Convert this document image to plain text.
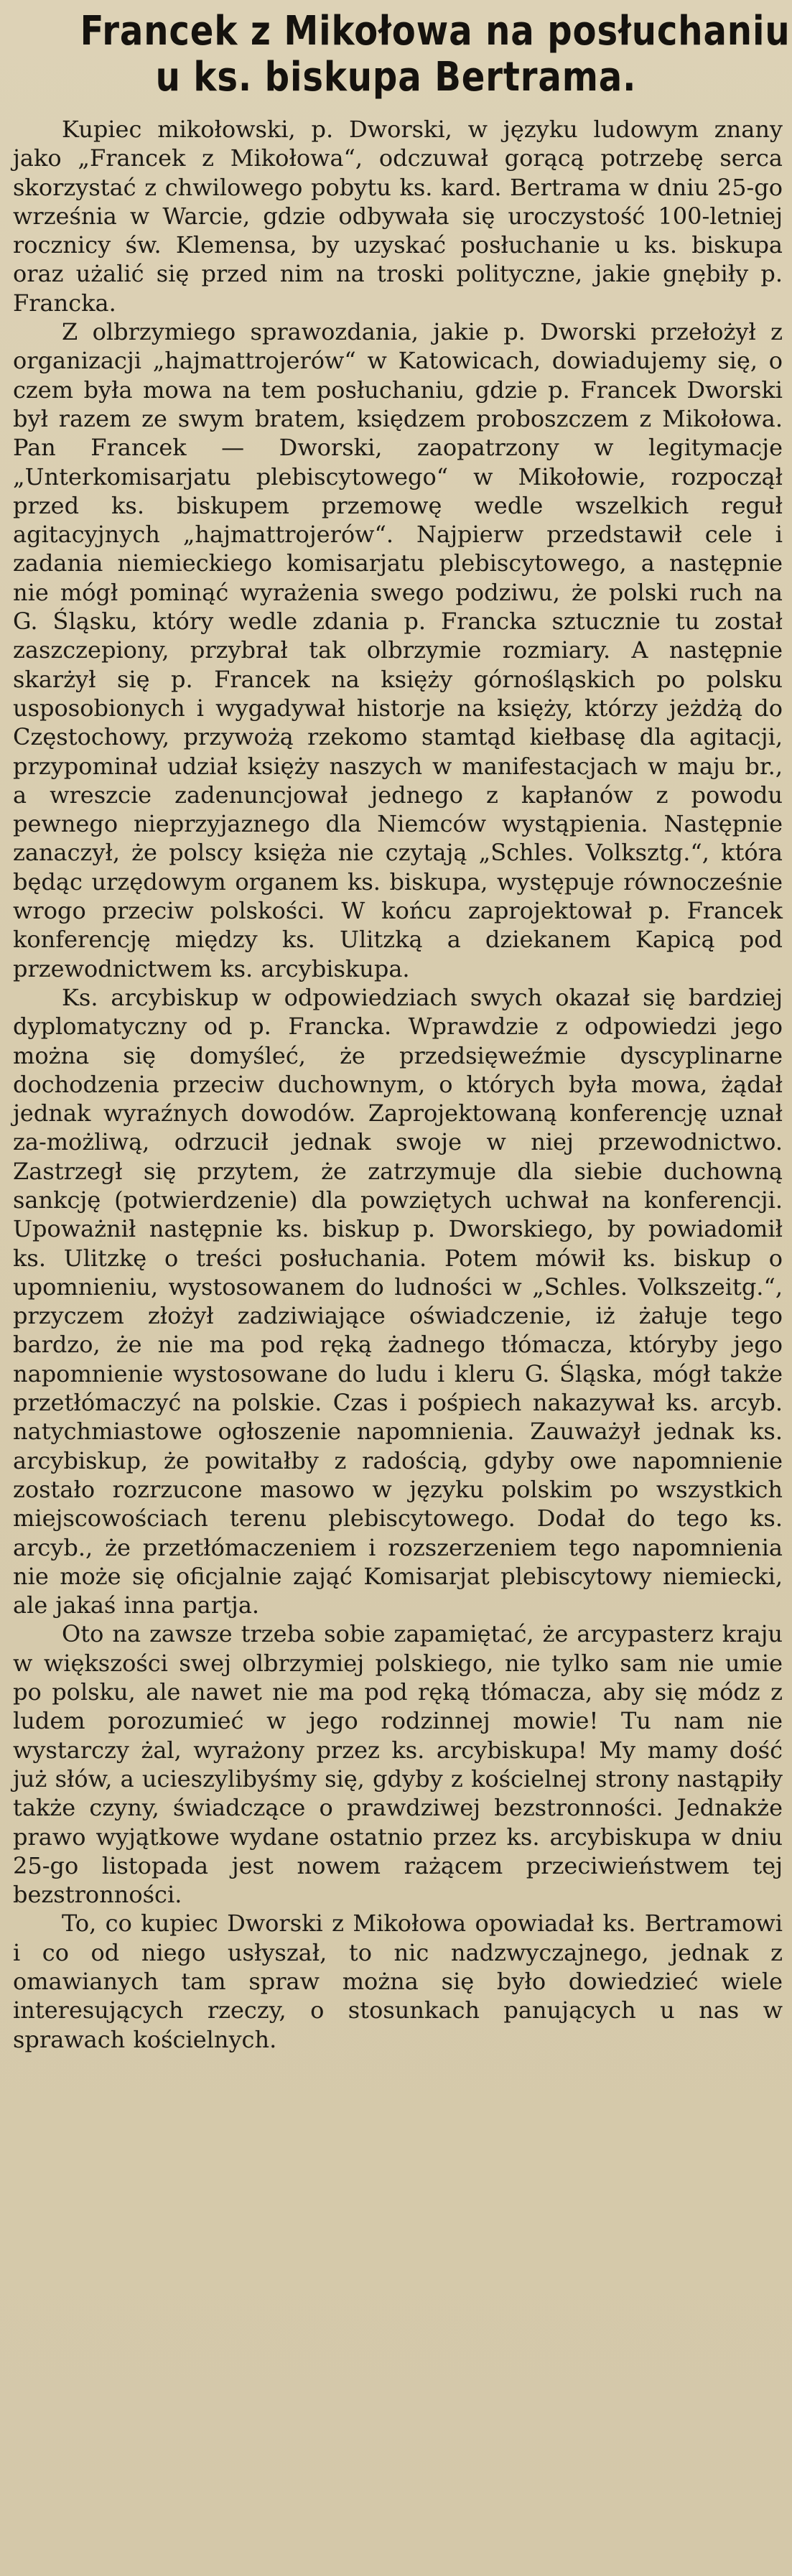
Francek z Mikołowa na posłuchaniu
u ks. biskupa Bertrama.

Kupiec mikołowski, p. Dworski, w języku ludowym znany jako „Francek z Mikołowa“, odczuwał gorącą potrzebę serca skorzystać z chwilowego pobytu ks. kard. Bertrama w dniu 25-go września w Warcie, gdzie odbywała się uroczystość 100-letniej rocznicy św. Klemensa, by uzyskać posłuchanie u ks. biskupa oraz użalić się przed nim na troski polityczne, jakie gnębiły p. Francka.

Z olbrzymiego sprawozdania, jakie p. Dworski przełożył z organizacji „hajmattrojerów“ w Katowicach, dowiadujemy się, o czem była mowa na tem posłuchaniu, gdzie p. Francek Dworski był razem ze swym bratem, księdzem proboszczem z Mikołowa. Pan Francek — Dworski, zaopatrzony w legitymacje „Unterkomisarjatu plebiscytowego“ w Mikołowie, rozpoczął przed ks. biskupem przemowę wedle wszelkich reguł agitacyjnych „hajmattrojerów“. Najpierw przedstawił cele i zadania niemieckiego komisarjatu plebiscytowego, a następnie nie mógł pominąć wyrażenia swego podziwu, że polski ruch na G. Śląsku, który wedle zdania p. Francka sztucznie tu został zaszczepiony, przybrał tak olbrzymie rozmiary. A następnie skarżył się p. Francek na księży górnośląskich po polsku usposobionych i wygadywał historje na księży, którzy jeżdżą do Częstochowy, przywożą rzekomo stamtąd kiełbasę dla agitacji, przypominał udział księży naszych w manifestacjach w maju br., a wreszcie zadenuncjował jednego z kapłanów z powodu pewnego nieprzyjaznego dla Niemców wystąpienia. Następnie zanaczył, że polscy księża nie czytają „Schles. Volksztg.“, która będąc urzędowym organem ks. biskupa, występuje równocześnie wrogo przeciw polskości. W końcu zaprojektował p. Francek konferencję między ks. Ulitzką a dziekanem Kapicą pod przewodnictwem ks. arcybiskupa.

Ks. arcybiskup w odpowiedziach swych okazał się bardziej dyplomatyczny od p. Francka. Wprawdzie z odpowiedzi jego można się domyśleć, że przedsięweźmie dyscyplinarne dochodzenia przeciw duchownym, o których była mowa, żądał jednak wyraźnych dowodów. Zaprojektowaną konferencję uznał za-możliwą, odrzucił jednak swoje w niej przewodnictwo. Zastrzegł się przytem, że zatrzymuje dla siebie duchowną sankcję (potwierdzenie) dla powziętych uchwał na konferencji. Upoważnił następnie ks. biskup p. Dworskiego, by powiadomił ks. Ulitzkę o treści posłuchania. Potem mówił ks. biskup o upomnieniu, wystosowanem do ludności w „Schles. Volkszeitg.“, przyczem złożył zadziwiające oświadczenie, iż żałuje tego bardzo, że nie ma pod ręką żadnego tłómacza, któryby jego napomnienie wystosowane do ludu i kleru G. Śląska, mógł także przetłómaczyć na polskie. Czas i pośpiech nakazywał ks. arcyb. natychmiastowe ogłoszenie napomnienia. Zauważył jednak ks. arcybiskup, że powitałby z radością, gdyby owe napomnienie zostało rozrzucone masowo w języku polskim po wszystkich miejscowościach terenu plebiscytowego. Dodał do tego ks. arcyb., że przetłómaczeniem i rozszerzeniem tego napomnienia nie może się oficjalnie zająć Komisarjat plebiscytowy niemiecki, ale jakaś inna partja.

Oto na zawsze trzeba sobie zapamiętać, że arcypasterz kraju w większości swej olbrzymiej polskiego, nie tylko sam nie umie po polsku, ale nawet nie ma pod ręką tłómacza, aby się módz z ludem porozumieć w jego rodzinnej mowie! Tu nam nie wystarczy żal, wyrażony przez ks. arcybiskupa! My mamy dość już słów, a ucieszylibyśmy się, gdyby z kościelnej strony nastąpiły także czyny, świadczące o prawdziwej bezstronności. Jednakże prawo wyjątkowe wydane ostatnio przez ks. arcybiskupa w dniu 25-go listopada jest nowem rażącem przeciwieństwem tej bezstronności.

To, co kupiec Dworski z Mikołowa opowiadał ks. Bertramowi i co od niego usłyszał, to nic nadzwyczajnego, jednak z omawianych tam spraw można się było dowiedzieć wiele interesujących rzeczy, o stosunkach panujących u nas w sprawach kościelnych.
